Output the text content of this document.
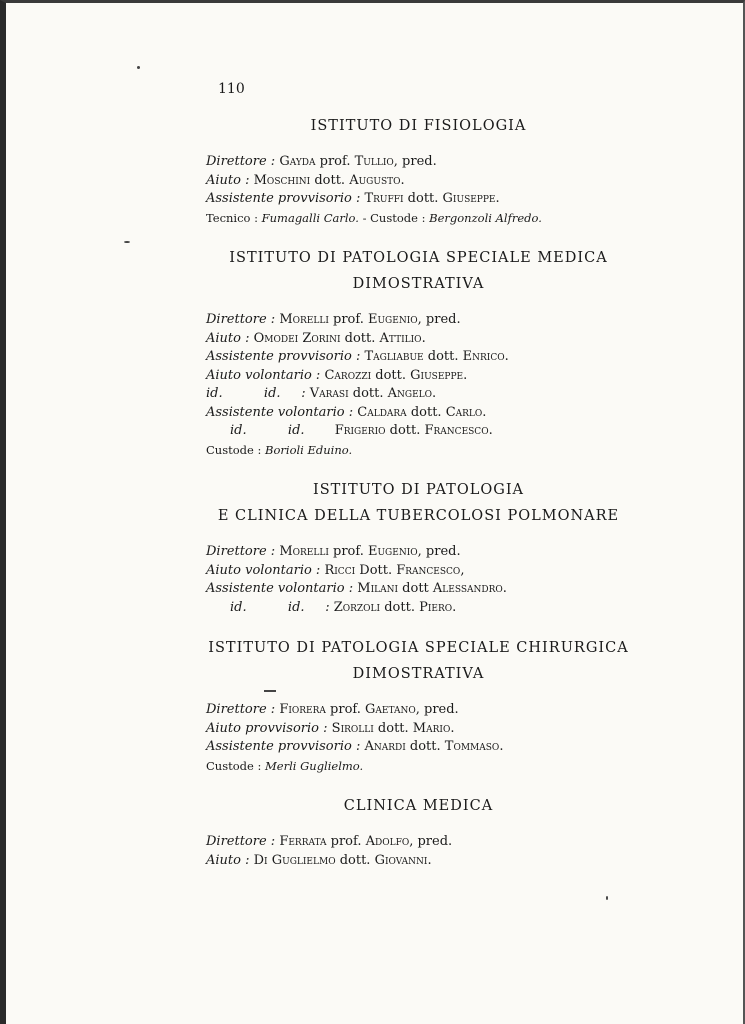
110
ISTITUTO DI FISIOLOGIA
Direttore : Gayda prof. Tullio, pred.
Aiuto : Moschini dott. Augusto.
Assistente provvisorio : Truffi dott. Giuseppe.
Tecnico : Fumagalli Carlo. - Custode : Bergonzoli Alfredo.
ISTITUTO DI PATOLOGIA SPECIALE MEDICA
DIMOSTRATIVA
Direttore : Morelli prof. Eugenio, pred.
Aiuto : Omodei Zorini dott. Attilio.
Assistente provvisorio : Tagliabue dott. Enrico.
Aiuto volontario : Carozzi dott. Giuseppe.
id.          id.     : Varasi dott. Angelo.
Assistente volontario : Caldara dott. Carlo.
id.          id. Frigerio dott. Francesco.
Custode : Borioli Eduino.
ISTITUTO DI PATOLOGIA
E CLINICA DELLA TUBERCOLOSI POLMONARE
Direttore : Morelli prof. Eugenio, pred.
Aiuto volontario : Ricci Dott. Francesco,
Assistente volontario : Milani dott Alessandro.
id.          id.     : Zorzoli dott. Piero.
ISTITUTO DI PATOLOGIA SPECIALE CHIRURGICA
DIMOSTRATIVA
Direttore : Fiorera prof. Gaetano, pred.
Aiuto provvisorio : Sirolli dott. Mario.
Assistente provvisorio : Anardi dott. Tommaso.
Custode : Merli Guglielmo.
CLINICA MEDICA
Direttore : Ferrata prof. Adolfo, pred.
Aiuto : Di Guglielmo dott. Giovanni.
